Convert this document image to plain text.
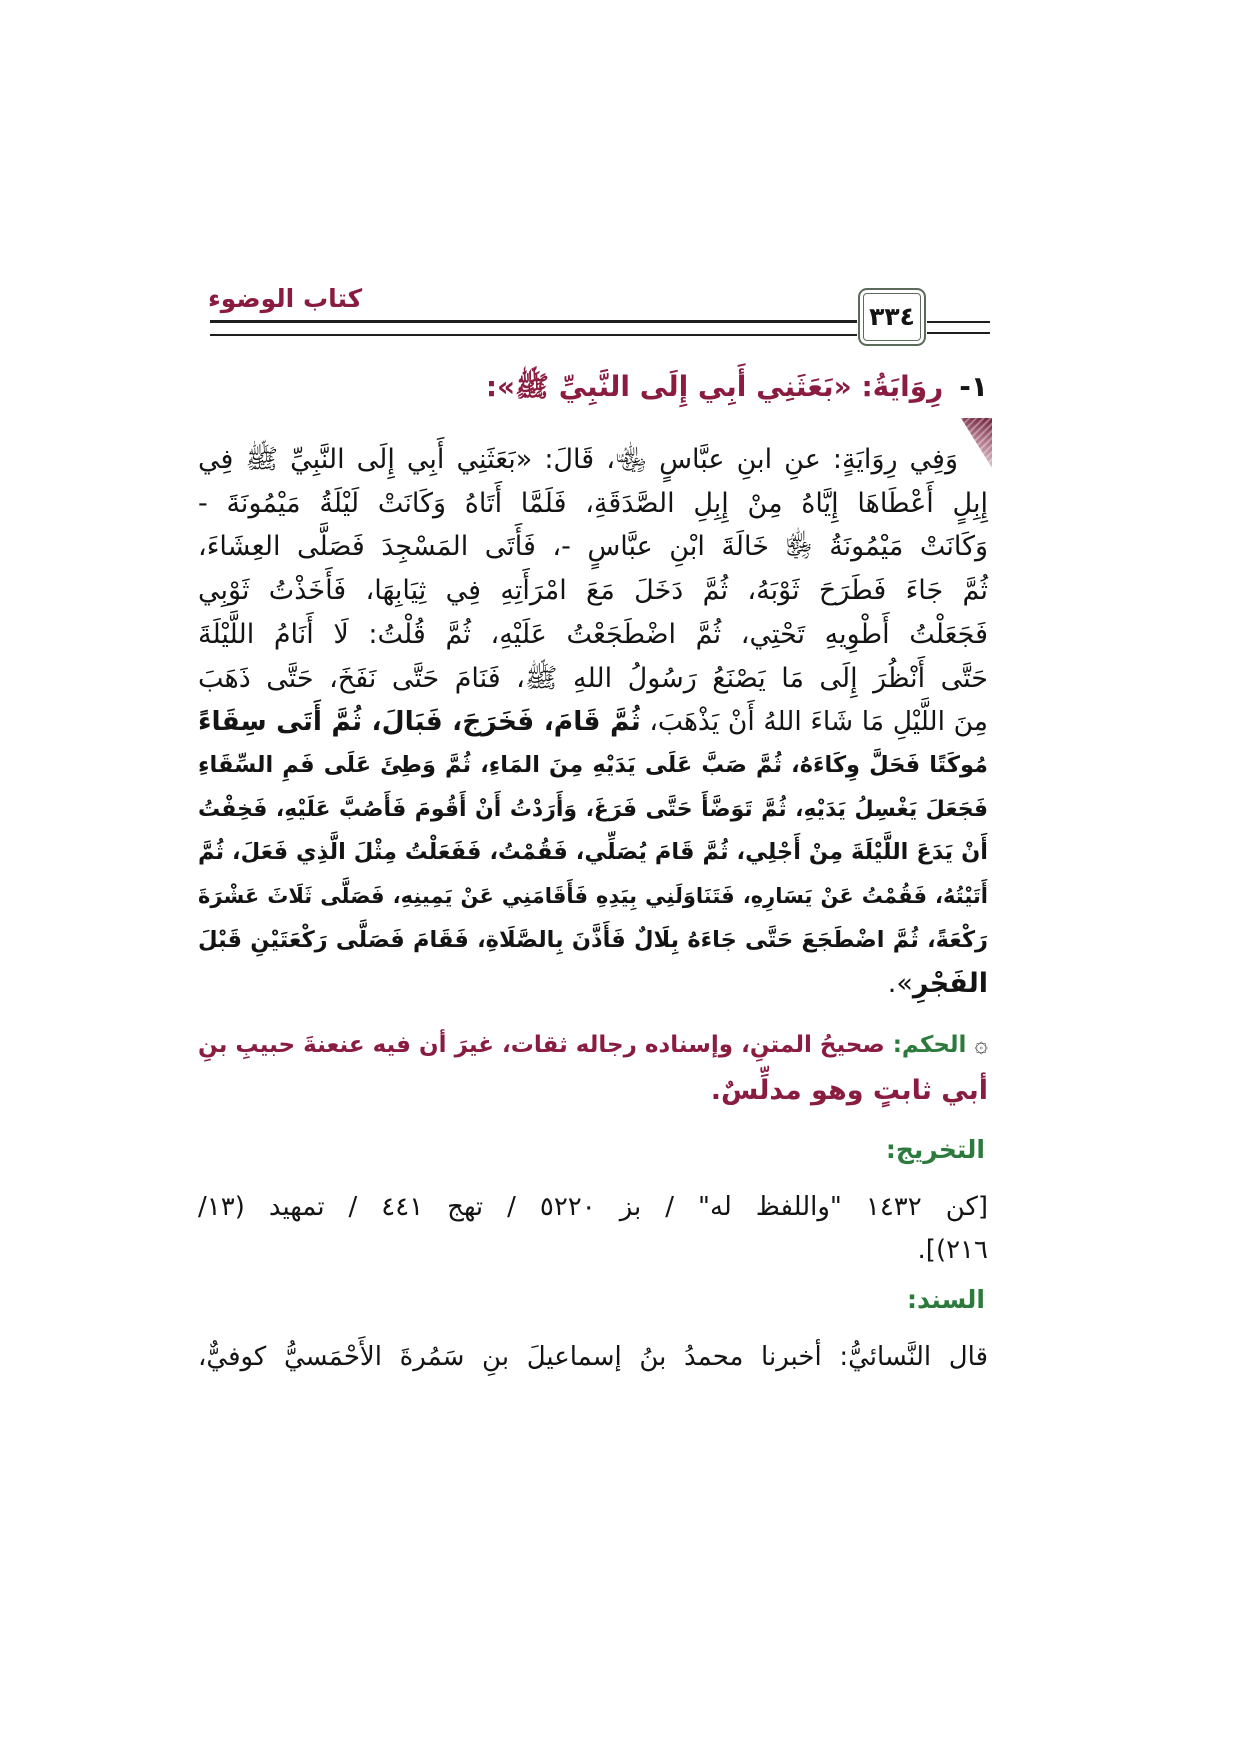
كتاب الوضوء
٣٣٤
١-رِوَايَةُ: «بَعَثَنِي أَبِي إِلَى النَّبِيِّ ﷺ»:
وَفِي رِوَايَةٍ: عنِ ابنِ عبَّاسٍ ﵄، قَالَ: «بَعَثَنِي أَبِي إِلَى النَّبِيِّ ﷺ فِي
إِبِلٍ أَعْطَاهَا إِيَّاهُ مِنْ إِبِلِ الصَّدَقَةِ، فَلَمَّا أَتَاهُ وَكَانَتْ لَيْلَةُ مَيْمُونَةَ -
وَكَانَتْ مَيْمُونَةُ ﵂ خَالَةَ ابْنِ عبَّاسٍ -، فَأَتَى المَسْجِدَ فَصَلَّى العِشَاءَ،
ثُمَّ جَاءَ فَطَرَحَ ثَوْبَهُ، ثُمَّ دَخَلَ مَعَ امْرَأَتِهِ فِي ثِيَابِهَا، فَأَخَذْتُ ثَوْبِي
فَجَعَلْتُ أَطْوِيهِ تَحْتِي، ثُمَّ اضْطَجَعْتُ عَلَيْهِ، ثُمَّ قُلْتُ: لَا أَنَامُ اللَّيْلَةَ
حَتَّى أَنْظُرَ إِلَى مَا يَصْنَعُ رَسُولُ اللهِ ﷺ، فَنَامَ حَتَّى نَفَخَ، حَتَّى ذَهَبَ
مِنَ اللَّيْلِ مَا شَاءَ اللهُ أَنْ يَذْهَبَ، ثُمَّ قَامَ، فَخَرَجَ، فَبَالَ، ثُمَّ أَتَى سِقَاءً
مُوكَتًا فَحَلَّ وِكَاءَهُ، ثُمَّ صَبَّ عَلَى يَدَيْهِ مِنَ المَاءِ، ثُمَّ وَطِئَ عَلَى فَمِ السِّقَاءِ
فَجَعَلَ يَغْسِلُ يَدَيْهِ، ثُمَّ تَوَضَّأَ حَتَّى فَرَغَ، وَأَرَدْتُ أَنْ أَقُومَ فَأَصُبَّ عَلَيْهِ، فَخِفْتُ
أَنْ يَدَعَ اللَّيْلَةَ مِنْ أَجْلِي، ثُمَّ قَامَ يُصَلِّي، فَقُمْتُ، فَفَعَلْتُ مِثْلَ الَّذِي فَعَلَ، ثُمَّ
أَتَيْتُهُ، فَقُمْتُ عَنْ يَسَارِهِ، فَتَنَاوَلَنِي بِيَدِهِ فَأَقَامَنِي عَنْ يَمِينِهِ، فَصَلَّى ثَلَاثَ عَشْرَةَ
رَكْعَةً، ثُمَّ اضْطَجَعَ حَتَّى جَاءَهُ بِلَالٌ فَأَذَّنَ بِالصَّلَاةِ، فَقَامَ فَصَلَّى رَكْعَتَيْنِ قَبْلَ
الفَجْرِ».
۞ الحكم: صحيحُ المتنِ، وإسناده رجاله ثقات، غيرَ أن فيه عنعنةَ حبيبِ بنِ
أبي ثابتٍ وهو مدلِّسٌ.
التخريج:
[كن ١٤٣٢ "واللفظ له" / بز ٥٢٢٠ / تهج ٤٤١ / تمهيد (١٣/
٢١٦)].
السند:
قال النَّسائيُّ: أخبرنا محمدُ بنُ إسماعيلَ بنِ سَمُرةَ الأَحْمَسيُّ كوفيٌّ،
